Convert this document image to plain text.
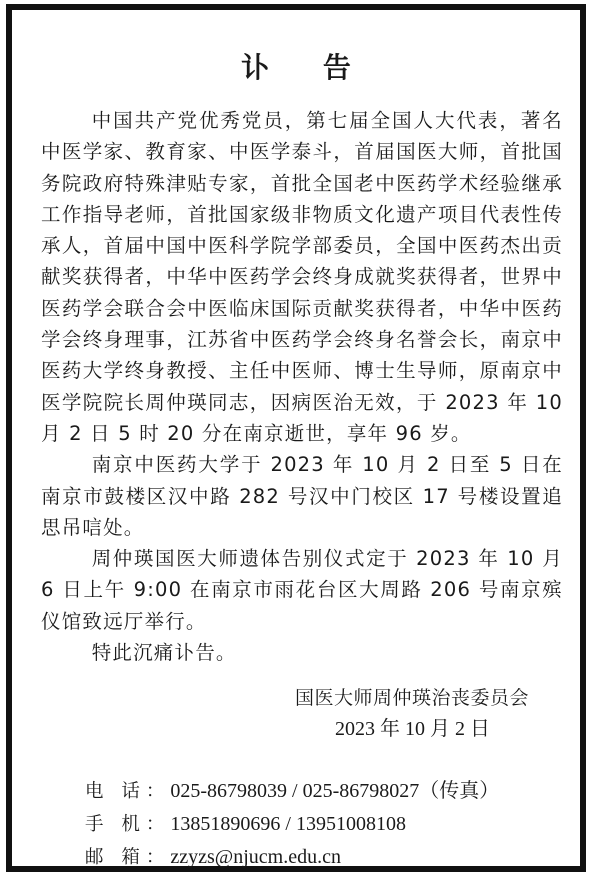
讣 告

中国共产党优秀党员，第七届全国人大代表，著名中医学家、教育家、中医学泰斗，首届国医大师，首批国务院政府特殊津贴专家，首批全国老中医药学术经验继承工作指导老师，首批国家级非物质文化遗产项目代表性传承人，首届中国中医科学院学部委员，全国中医药杰出贡献奖获得者，中华中医药学会终身成就奖获得者，世界中医药学会联合会中医临床国际贡献奖获得者，中华中医药学会终身理事，江苏省中医药学会终身名誉会长，南京中医药大学终身教授、主任中医师、博士生导师，原南京中医学院院长周仲瑛同志，因病医治无效，于 2023 年 10 月 2 日 5 时 20 分在南京逝世，享年 96 岁。

南京中医药大学于 2023 年 10 月 2 日至 5 日在南京市鼓楼区汉中路 282 号汉中门校区 17 号楼设置追思吊唁处。

周仲瑛国医大师遗体告别仪式定于 2023 年 10 月 6 日上午 9:00 在南京市雨花台区大周路 206 号南京殡仪馆致远厅举行。

特此沉痛讣告。

国医大师周仲瑛治丧委员会
2023 年 10 月 2 日
电 话：025-86798039 / 025-86798027（传真）
手 机：13851890696 / 13951008108
邮 箱：zzyzs@njucm.edu.cn
